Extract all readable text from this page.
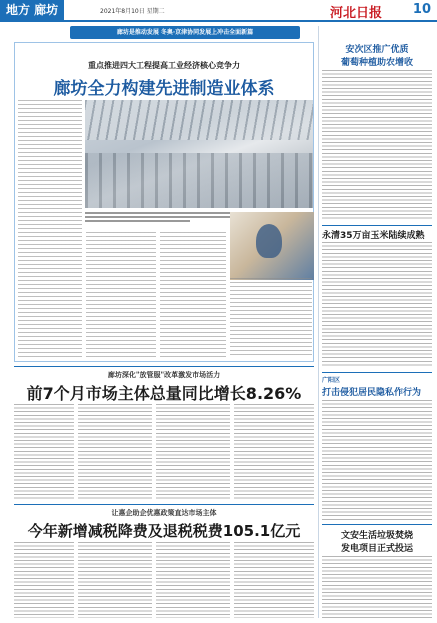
地方 廊坊	2021年8月10日 星期二	河北日报 10
廊坊是推动发展 冬奥·京津协同发展上冲击全面新篇
重点推进四大工程提高工业经济核心竞争力
廊坊全力构建先进制造业体系
廊坊深化"放管服"改革激发市场活力
前7个月市场主体总量同比增长8.26%
让惠企助企优惠政策直达市场主体
今年新增减税降费及退税税费105.1亿元
安次区推广优质
葡萄种植助农增收
永清35万亩玉米陆续成熟
广阳区
打击侵犯居民隐私作行为
文安生活垃圾焚烧
发电项目正式投运
